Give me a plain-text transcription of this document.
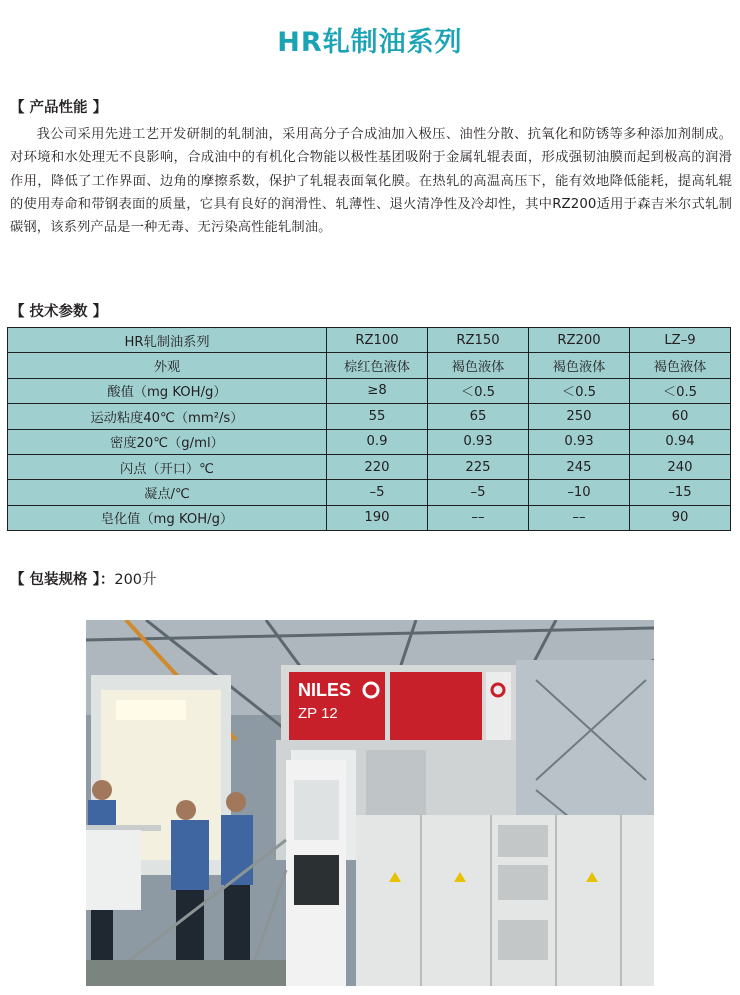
HR轧制油系列
【 产品性能 】
我公司采用先进工艺开发研制的轧制油，采用高分子合成油加入极压、油性分散、抗氧化和防锈等多种添加剂制成。对环境和水处理无不良影响，合成油中的有机化合物能以极性基团吸附于金属轧辊表面，形成强韧油膜而起到极高的润滑作用，降低了工作界面、边角的摩擦系数，保护了轧辊表面氧化膜。在热轧的高温高压下，能有效地降低能耗，提高轧辊的使用寿命和带钢表面的质量，它具有良好的润滑性、轧薄性、退火清净性及冷却性，其中RZ200适用于森吉米尔式轧制碳钢，该系列产品是一种无毒、无污染高性能轧制油。
【 技术参数 】
HR轧制油系列	RZ100	RZ150	RZ200	LZ–9
外观	棕红色液体	褐色液体	褐色液体	褐色液体
酸值（mg KOH/g）	≥8	＜0.5	＜0.5	＜0.5
运动粘度40℃（mm²/s）	55	65	250	60
密度20℃（g/ml）	0.9	0.93	0.93	0.94
闪点（开口）℃	220	225	245	240
凝点/℃	–5	–5	–10	–15
皂化值（mg KOH/g）	190	––	––	90
【 包装规格 】：200升
NILES
ZP 12
